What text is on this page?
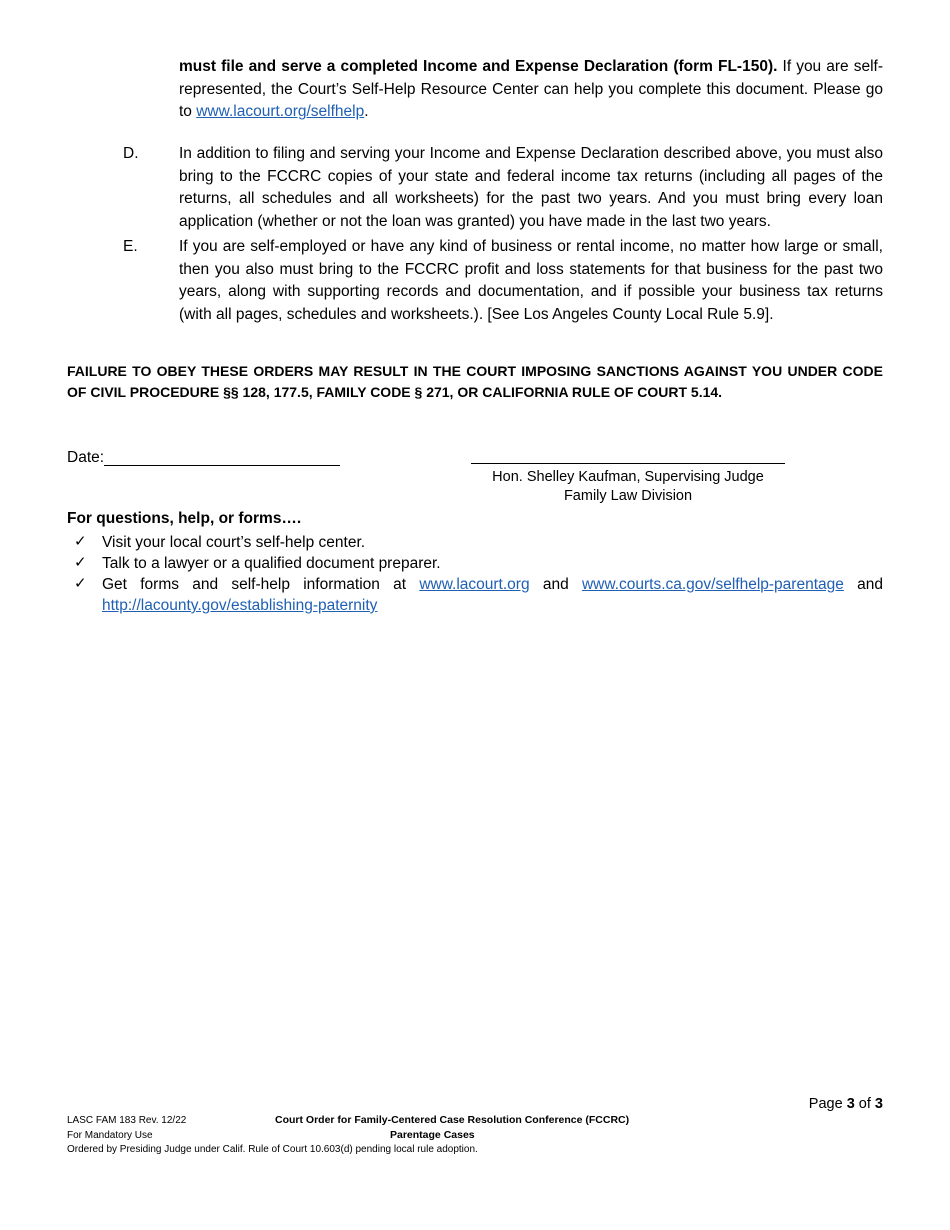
must file and serve a completed Income and Expense Declaration (form FL-150). If you are self-represented, the Court’s Self-Help Resource Center can help you complete this document. Please go to www.lacourt.org/selfhelp.

D.	In addition to filing and serving your Income and Expense Declaration described above, you must also bring to the FCCRC copies of your state and federal income tax returns (including all pages of the returns, all schedules and all worksheets) for the past two years. And you must bring every loan application (whether or not the loan was granted) you have made in the last two years.

E.	If you are self-employed or have any kind of business or rental income, no matter how large or small, then you also must bring to the FCCRC profit and loss statements for that business for the past two years, along with supporting records and documentation, and if possible your business tax returns (with all pages, schedules and worksheets.). [See Los Angeles County Local Rule 5.9].

FAILURE TO OBEY THESE ORDERS MAY RESULT IN THE COURT IMPOSING SANCTIONS AGAINST YOU UNDER CODE OF CIVIL PROCEDURE §§ 128, 177.5, FAMILY CODE § 271, OR CALIFORNIA RULE OF COURT 5.14.

Date:
Hon. Shelley Kaufman, Supervising Judge
Family Law Division
For questions, help, or forms….
✓ Visit your local court’s self-help center.

✓ Talk to a lawyer or a qualified document preparer.

✓ Get forms and self-help information at www.lacourt.org and www.courts.ca.gov/selfhelp-parentage and

http://lacounty.gov/establishing-paternity

Page 3 of 3
LASC FAM 183 Rev. 12/22	Court Order for Family-Centered Case Resolution Conference (FCCRC)
For Mandatory Use	Parentage Cases
Ordered by Presiding Judge under Calif. Rule of Court 10.603(d) pending local rule adoption.
